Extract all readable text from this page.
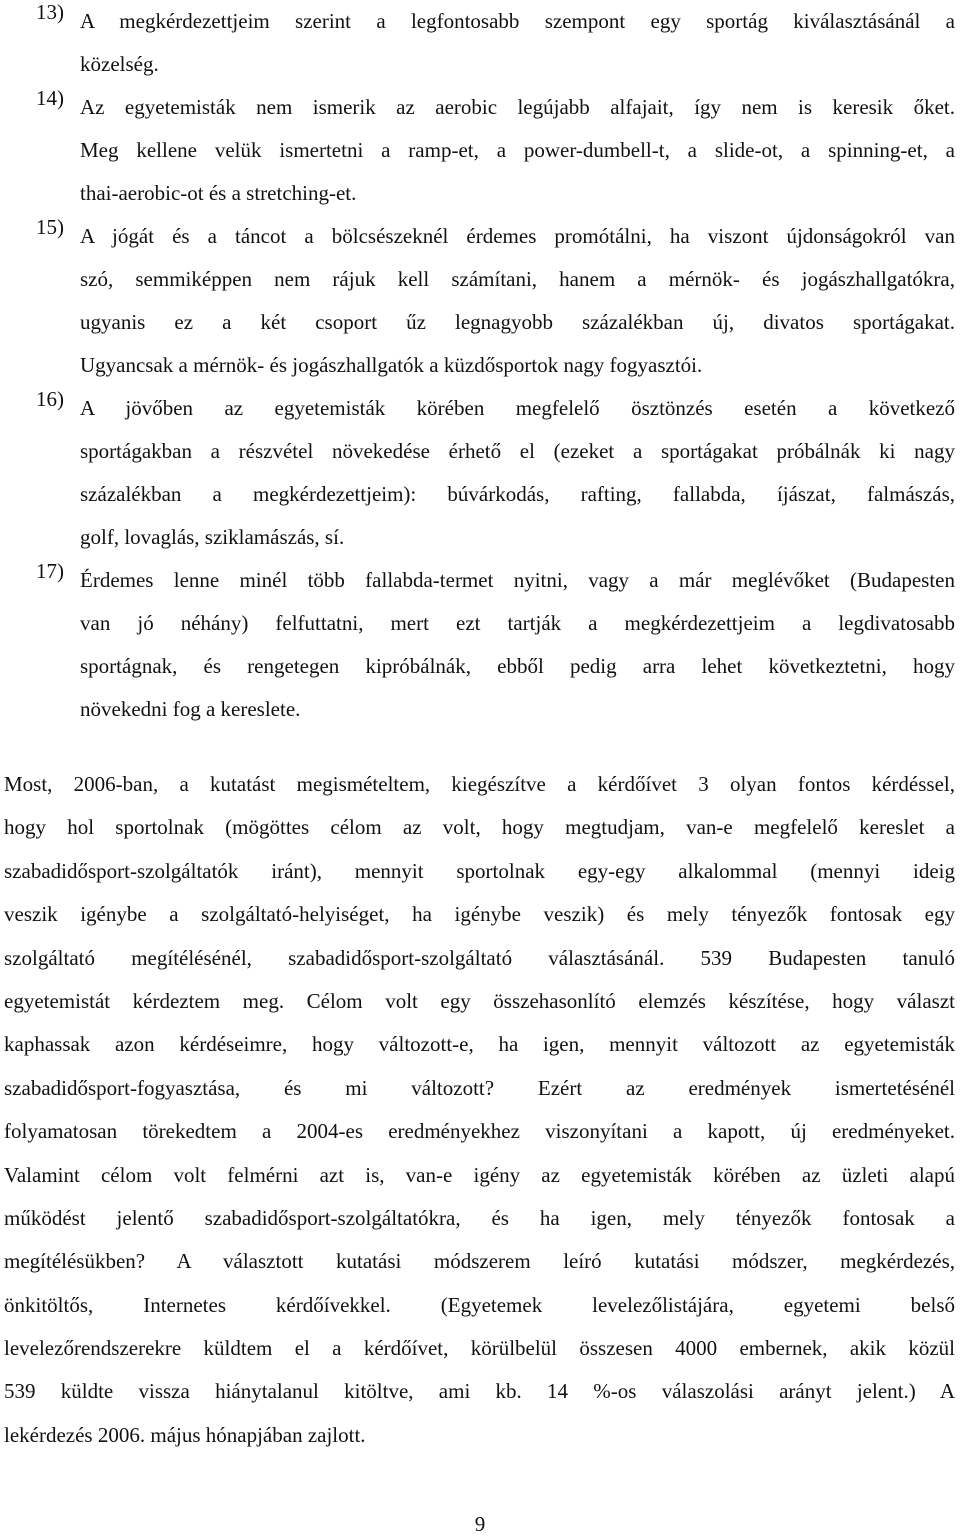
13) A megkérdezettjeim szerint a legfontosabb szempont egy sportág kiválasztásánál a
közelség.
14) Az egyetemisták nem ismerik az aerobic legújabb alfajait, így nem is keresik őket.
Meg kellene velük ismertetni a ramp-et, a power-dumbell-t, a slide-ot, a spinning-et, a
thai-aerobic-ot és a stretching-et.
15) A jógát és a táncot a bölcsészeknél érdemes promótálni, ha viszont újdonságokról van
szó, semmiképpen nem rájuk kell számítani, hanem a mérnök- és jogászhallgatókra,
ugyanis ez a két csoport űz legnagyobb százalékban új, divatos sportágakat.
Ugyancsak a mérnök- és jogászhallgatók a küzdősportok nagy fogyasztói.
16) A jövőben az egyetemisták körében megfelelő ösztönzés esetén a következő
sportágakban a részvétel növekedése érhető el (ezeket a sportágakat próbálnák ki nagy
százalékban a megkérdezettjeim): búvárkodás, rafting, fallabda, íjászat, falmászás,
golf, lovaglás, sziklamászás, sí.
17) Érdemes lenne minél több fallabda-termet nyitni, vagy a már meglévőket (Budapesten
van jó néhány) felfuttatni, mert ezt tartják a megkérdezettjeim a legdivatosabb
sportágnak, és rengetegen kipróbálnák, ebből pedig arra lehet következtetni, hogy
növekedni fog a kereslete.
Most, 2006-ban, a kutatást megismételtem, kiegészítve a kérdőívet 3 olyan fontos kérdéssel,
hogy hol sportolnak (mögöttes célom az volt, hogy megtudjam, van-e megfelelő kereslet a
szabadidősport-szolgáltatók iránt), mennyit sportolnak egy-egy alkalommal (mennyi ideig
veszik igénybe a szolgáltató-helyiséget, ha igénybe veszik) és mely tényezők fontosak egy
szolgáltató megítélésénél, szabadidősport-szolgáltató választásánál. 539 Budapesten tanuló
egyetemistát kérdeztem meg. Célom volt egy összehasonlító elemzés készítése, hogy választ
kaphassak azon kérdéseimre, hogy változott-e, ha igen, mennyit változott az egyetemisták
szabadidősport-fogyasztása, és mi változott? Ezért az eredmények ismertetésénél
folyamatosan törekedtem a 2004-es eredményekhez viszonyítani a kapott, új eredményeket.
Valamint célom volt felmérni azt is, van-e igény az egyetemisták körében az üzleti alapú
működést jelentő szabadidősport-szolgáltatókra, és ha igen, mely tényezők fontosak a
megítélésükben? A választott kutatási módszerem leíró kutatási módszer, megkérdezés,
önkitöltős, Internetes kérdőívekkel. (Egyetemek levelezőlistájára, egyetemi belső
levelezőrendszerekre küldtem el a kérdőívet, körülbelül összesen 4000 embernek, akik közül
539 küldte vissza hiánytalanul kitöltve, ami kb. 14 %-os válaszolási arányt jelent.) A
lekérdezés 2006. május hónapjában zajlott.
9
